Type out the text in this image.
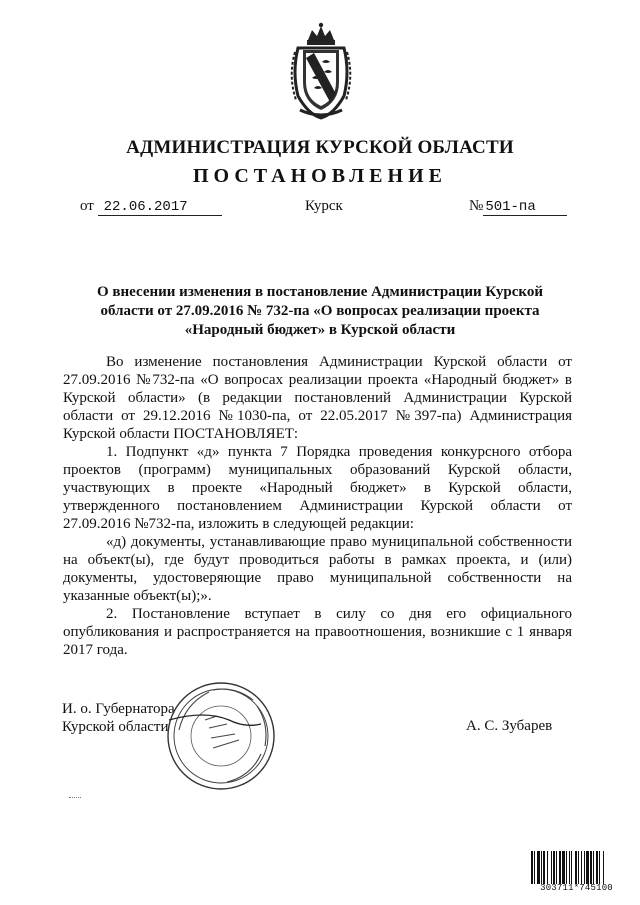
АДМИНИСТРАЦИЯ КУРСКОЙ ОБЛАСТИ
ПОСТАНОВЛЕНИЕ
от 22.06.2017	Курск	№ 501-па
О внесении изменения в постановление Администрации Курской
области от 27.09.2016 № 732-па «О вопросах реализации проекта
«Народный бюджет» в Курской области

Во изменение постановления Администрации Курской области от 27.09.2016 №732-па «О вопросах реализации проекта «Народный бюджет» в Курской области» (в редакции постановлений Администрации Курской области от 29.12.2016 №1030-па, от 22.05.2017 №397-па) Администрация Курской области ПОСТАНОВЛЯЕТ:

1. Подпункт «д» пункта 7 Порядка проведения конкурсного отбора проектов (программ) муниципальных образований Курской области, участвующих в проекте «Народный бюджет» в Курской области, утвержденного постановлением Администрации Курской области от 27.09.2016 №732-па, изложить в следующей редакции:

«д) документы, устанавливающие право муниципальной собственности на объект(ы), где будут проводиться работы в рамках проекта, и (или) документы, удостоверяющие право муниципальной собственности на указанные объект(ы);».

2. Постановление вступает в силу со дня его официального опубликования и распространяется на правоотношения, возникшие с 1 января 2017 года.

И. о. Губернатора
Курской области	А. С. Зубарев
303711*745100
